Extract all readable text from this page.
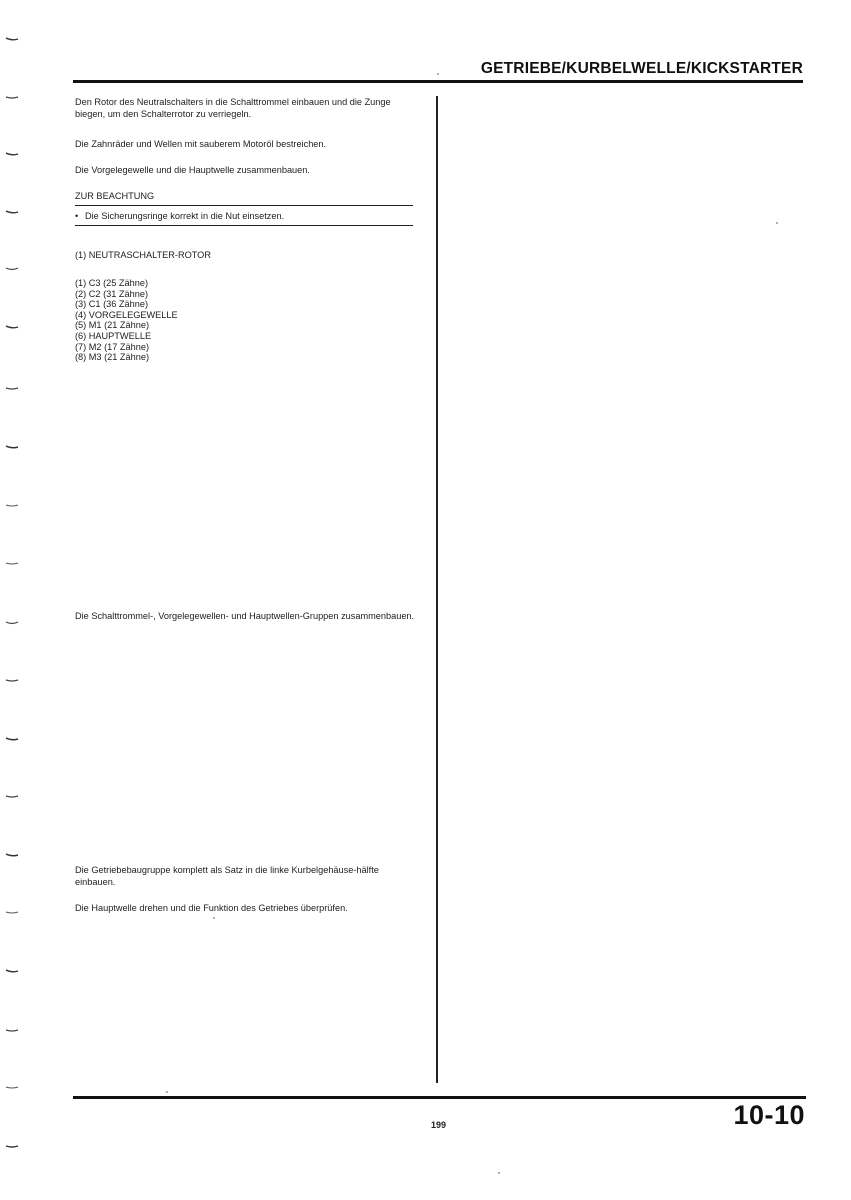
GETRIEBE/KURBELWELLE/KICKSTARTER
Den Rotor des Neutralschalters in die Schalttrommel einbauen und die Zunge biegen, um den Schalterrotor zu verriegeln.
Die Zahnräder und Wellen mit sauberem Motoröl bestreichen.
Die Vorgelegewelle und die Hauptwelle zusammenbauen.
ZUR BEACHTUNG
• Die Sicherungsringe korrekt in die Nut einsetzen.
(1) NEUTRASCHALTER-ROTOR
(1) C3 (25 Zähne)
(2) C2 (31 Zähne)
(3) C1 (36 Zähne)
(4) VORGELEGEWELLE
(5) M1 (21 Zähne)
(6) HAUPTWELLE
(7) M2 (17 Zähne)
(8) M3 (21 Zähne)
Die Schalttrommel-, Vorgelegewellen- und Hauptwellen-Gruppen zusammenbauen.
Die Getriebebaugruppe komplett als Satz in die linke Kurbelgehäuse-hälfte einbauen.
Die Hauptwelle drehen und die Funktion des Getriebes überprüfen.
199	10-10
